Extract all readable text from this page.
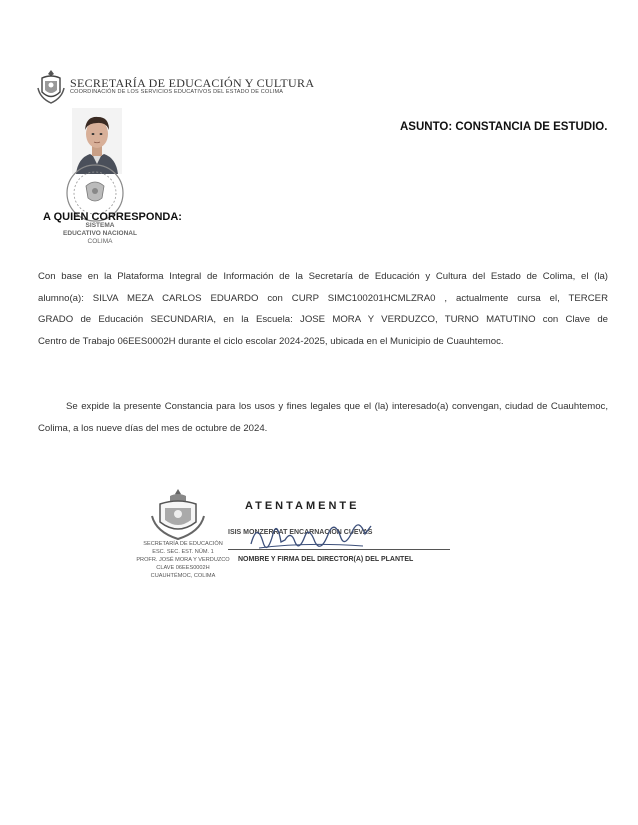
SECRETARÍA DE EDUCACIÓN Y CULTURA
COORDINACIÓN DE LOS SERVICIOS EDUCATIVOS DEL ESTADO DE COLIMA
ASUNTO: CONSTANCIA DE ESTUDIO.
A QUIEN CORRESPONDA:
SISTEMA
EDUCATIVO NACIONAL
COLIMA
Con base en la Plataforma Integral de Información de la Secretaría de Educación y Cultura del Estado de Colima, el (la)
alumno(a): SILVA MEZA CARLOS EDUARDO con CURP SIMC100201HCMLZRA0 , actualmente cursa el, TERCER
GRADO de Educación SECUNDARIA, en la Escuela: JOSE MORA Y VERDUZCO, TURNO MATUTINO con Clave de
Centro de Trabajo 06EES0002H durante el ciclo escolar 2024-2025, ubicada en el Municipio de Cuauhtemoc.
Se expide la presente Constancia para los usos y fines legales que el (la) interesado(a) convengan, ciudad de Cuauhtemoc,
Colima, a los nueve días del mes de octubre de 2024.
ATENTAMENTE
ISIS MONZERRAT ENCARNACIÓN CUEVAS
NOMBRE Y FIRMA DEL DIRECTOR(A) DEL PLANTEL
SECRETARÍA DE EDUCACIÓN
ESC. SEC. EST. NÚM. 1
PROFR. JOSÉ MORA Y VERDUZCO
CLAVE 06EES0002H
CUAUHTÉMOC, COLIMA
